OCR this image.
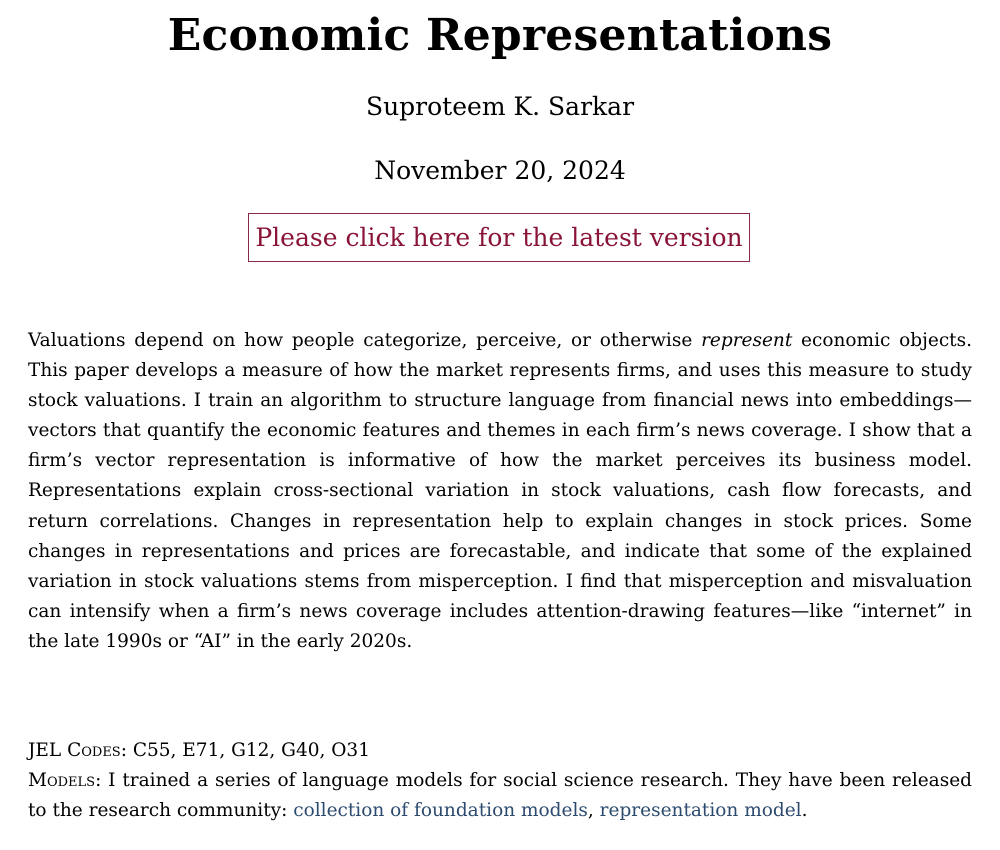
Economic Representations
Suproteem K. Sarkar
November 20, 2024
Please click here for the latest version
Valuations depend on how people categorize, perceive, or otherwise represent economic objects. This paper develops a measure of how the market represents firms, and uses this measure to study stock valuations. I train an algorithm to structure language from financial news into embeddings—vectors that quantify the economic features and themes in each firm’s news coverage. I show that a firm’s vector representation is informative of how the market perceives its business model. Representations explain cross-sectional variation in stock valuations, cash flow forecasts, and return correlations. Changes in representation help to explain changes in stock prices. Some changes in representations and prices are forecastable, and indicate that some of the explained variation in stock valuations stems from misperception. I find that misperception and misvaluation can intensify when a firm’s news coverage includes attention-drawing features—like “internet” in the late 1990s or “AI” in the early 2020s.
JEL Codes: C55, E71, G12, G40, O31
Models: I trained a series of language models for social science research. They have been released to the research community: collection of foundation models, representation model.
